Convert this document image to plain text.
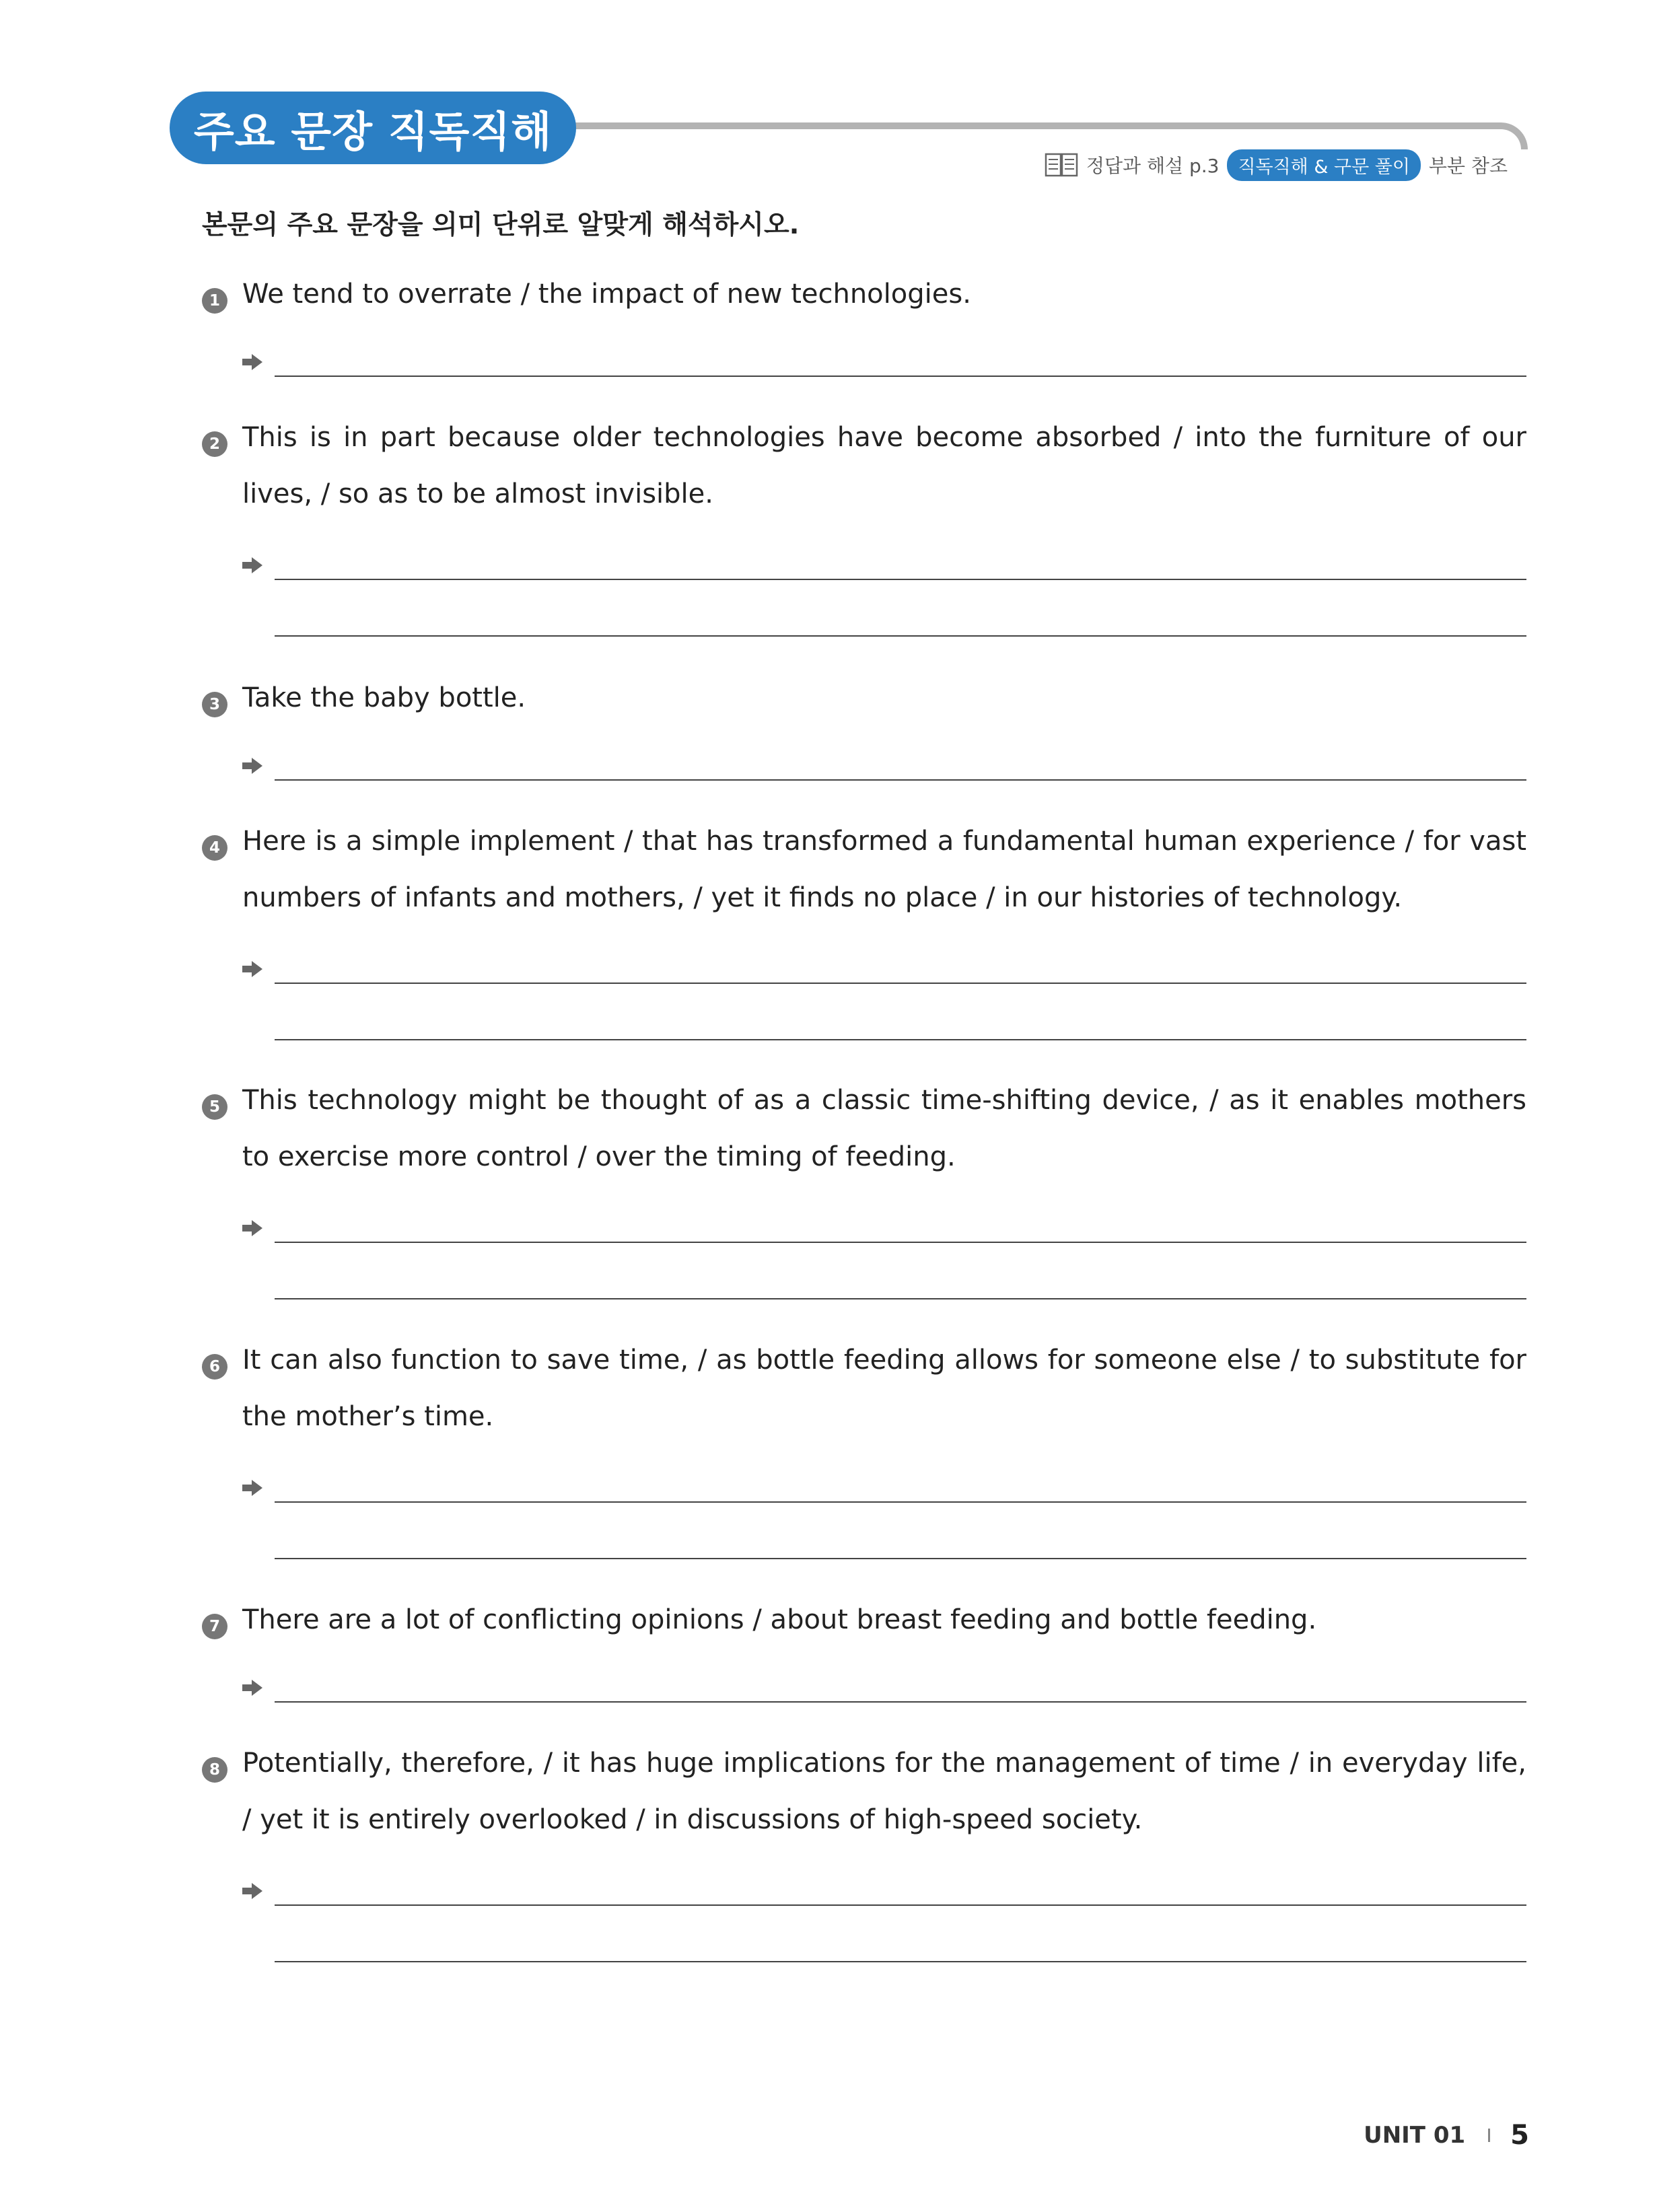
주요 문장 직독직해
정답과 해설 p.3	직독직해 & 구문 풀이	부분 참조
본문의 주요 문장을 의미 단위로 알맞게 해석하시오.
1 We tend to overrate / the impact of new technologies.

2 This is in part because older technologies have become absorbed / into the furniture of our lives, / so as to be almost invisible.

3 Take the baby bottle.

4 Here is a simple implement / that has transformed a fundamental human experience / for vast numbers of infants and mothers, / yet it finds no place / in our histories of technology.

5 This technology might be thought of as a classic time-shifting device, / as it enables mothers to exercise more control / over the timing of feeding.

6 It can also function to save time, / as bottle feeding allows for someone else / to substitute for the mother’s time.

7 There are a lot of conflicting opinions / about breast feeding and bottle feeding.

8 Potentially, therefore, / it has huge implications for the management of time / in everyday life, / yet it is entirely overlooked / in discussions of high-speed society.

UNIT 01 5
